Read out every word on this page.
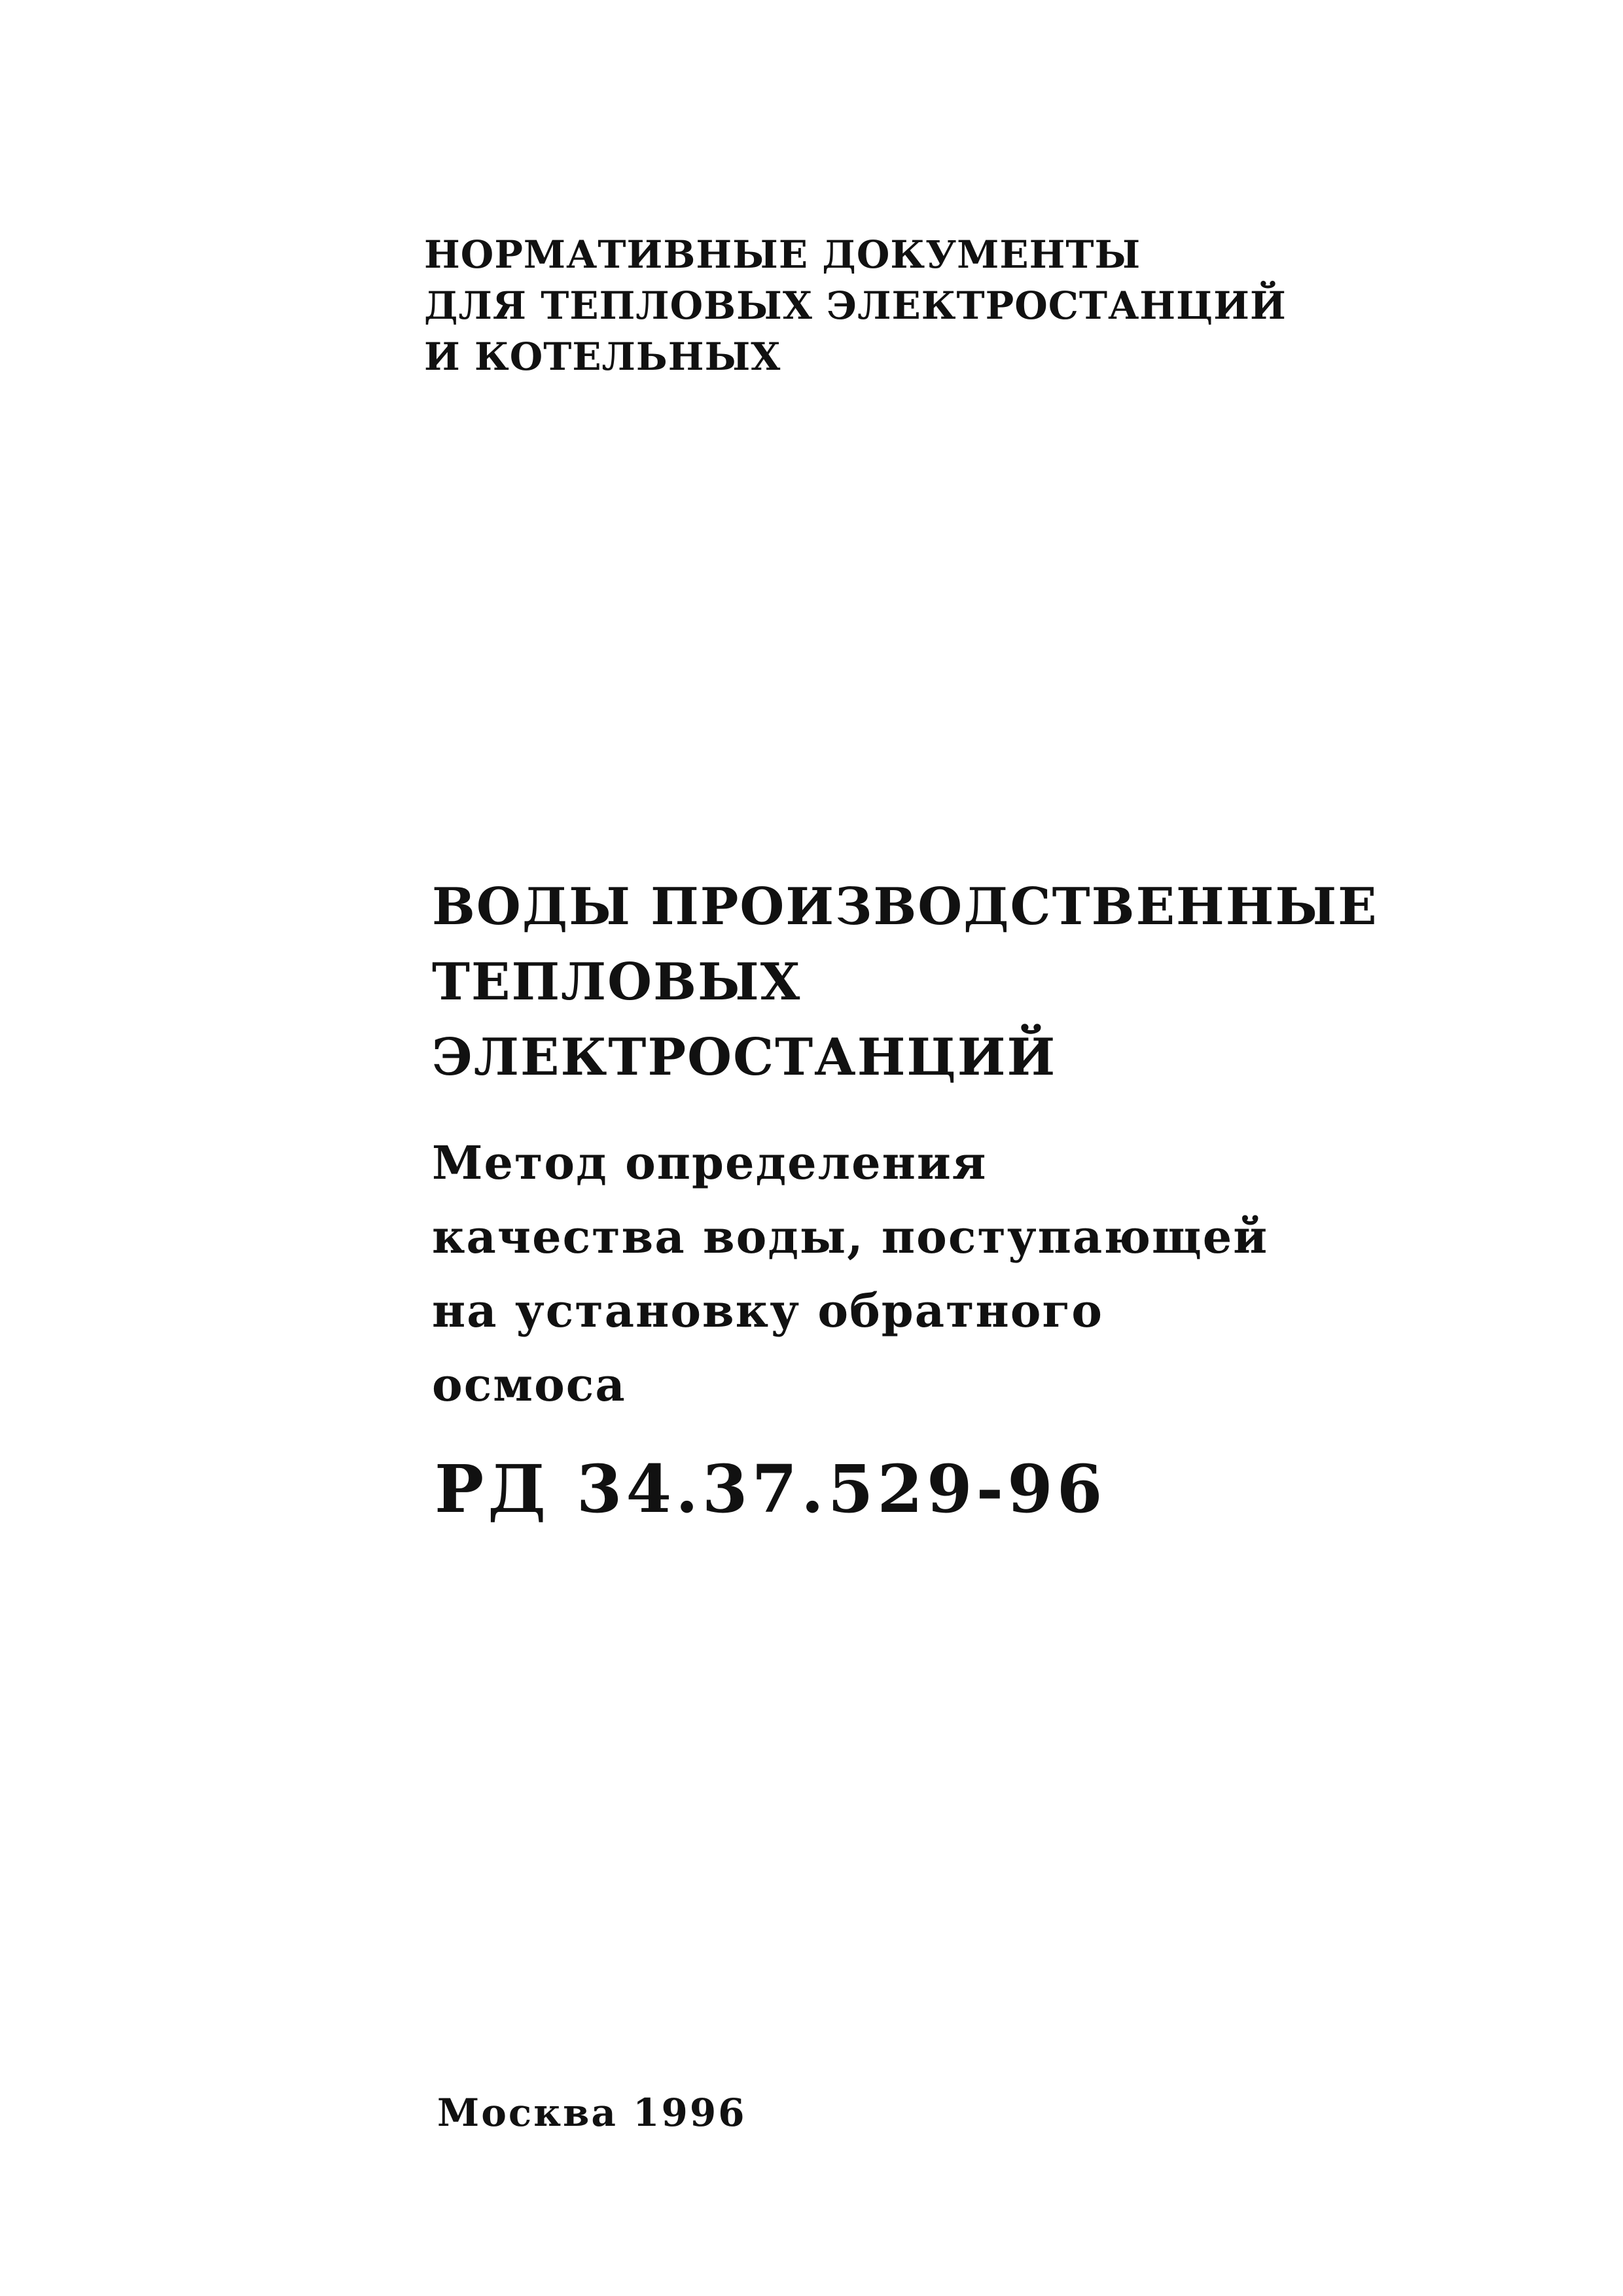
НОРМАТИВНЫЕ ДОКУМЕНТЫ
ДЛЯ ТЕПЛОВЫХ ЭЛЕКТРОСТАНЦИЙ
И КОТЕЛЬНЫХ
ВОДЫ ПРОИЗВОДСТВЕННЫЕ
ТЕПЛОВЫХ
ЭЛЕКТРОСТАНЦИЙ
Метод определения
качества воды, поступающей
на установку обратного
осмоса
РД 34.37.529-96
Москва 1996
